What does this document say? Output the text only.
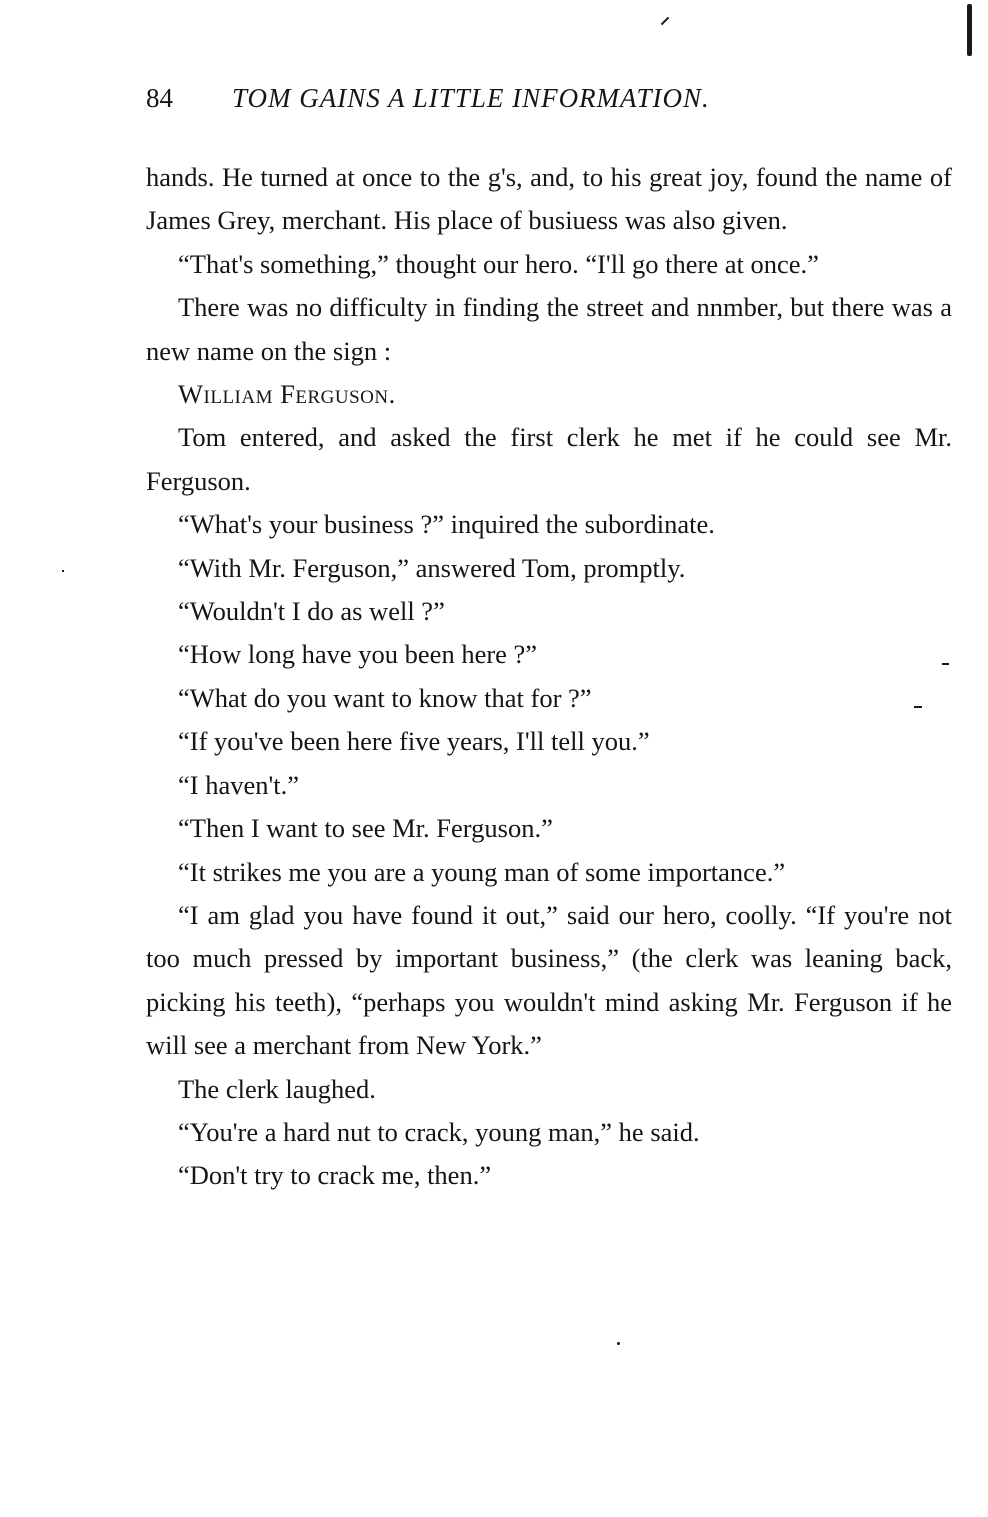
84 TOM GAINS A LITTLE INFORMATION.

hands. He turned at once to the g's, and, to his great joy, found the name of James Grey, merchant. His place of busiuess was also given.

“That's something,” thought our hero. “I'll go there at once.”

There was no difficulty in finding the street and nnmber, but there was a new name on the sign :

William Ferguson.

Tom entered, and asked the first clerk he met if he could see Mr. Ferguson.

“What's your business ?” inquired the subordinate.

“With Mr. Ferguson,” answered Tom, promptly.

“Wouldn't I do as well ?”

“How long have you been here ?”

“What do you want to know that for ?”

“If you've been here five years, I'll tell you.”

“I haven't.”

“Then I want to see Mr. Ferguson.”

“It strikes me you are a young man of some importance.”

“I am glad you have found it out,” said our hero, coolly. “If you're not too much pressed by important business,” (the clerk was leaning back, picking his teeth), “perhaps you wouldn't mind asking Mr. Ferguson if he will see a merchant from New York.”

The clerk laughed.

“You're a hard nut to crack, young man,” he said.

“Don't try to crack me, then.”
